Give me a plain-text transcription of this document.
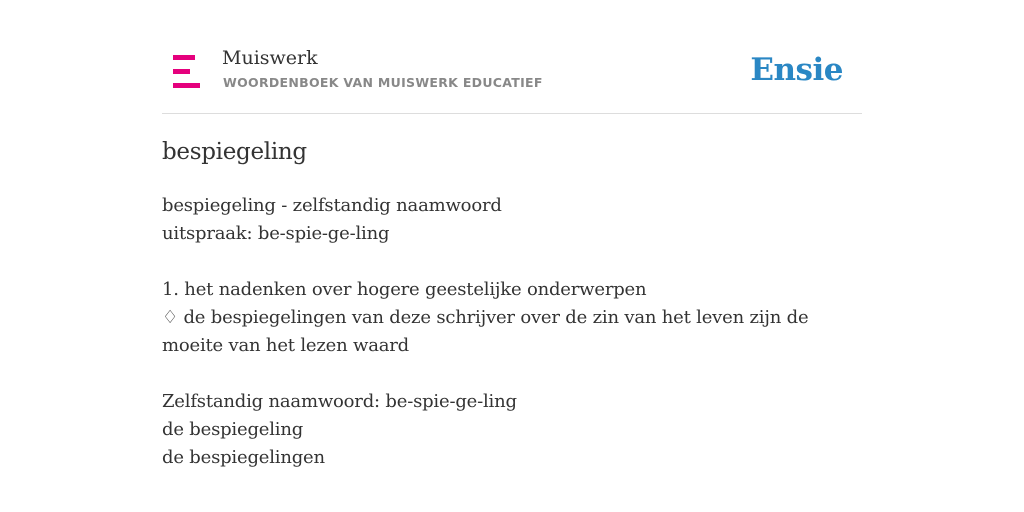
Muiswerk
WOORDENBOEK VAN MUISWERK EDUCATIEF	Ensie
bespiegeling
bespiegeling - zelfstandig naamwoord
uitspraak: be-spie-ge-ling
1. het nadenken over hogere geestelijke onderwerpen
♢ de bespiegelingen van deze schrijver over de zin van het leven zijn de moeite van het lezen waard
Zelfstandig naamwoord: be-spie-ge-ling
de bespiegeling
de bespiegelingen
